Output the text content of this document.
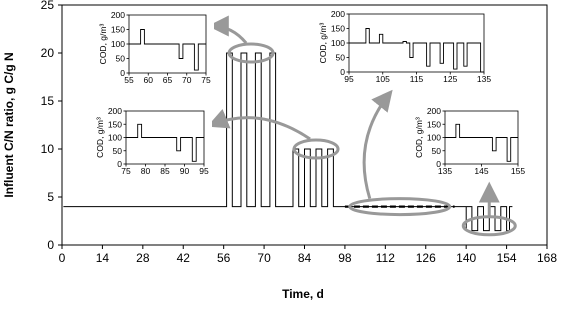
55 60 65 70 75
0
50
100
150
200
COD, g/m³
75 80 85 90 95
0
50
100
150
200
COD, g/m³
95	105 115 125 135
0
50
100
150
200
COD, g/m³
135	145	155
0
50
100
150
200
COD, g/m³
Influent C/N ratio, g C/g N
Time, d
0	14 28 42 56 70 84 98 112 126 140 154 168
0
5
10
15
20
25
